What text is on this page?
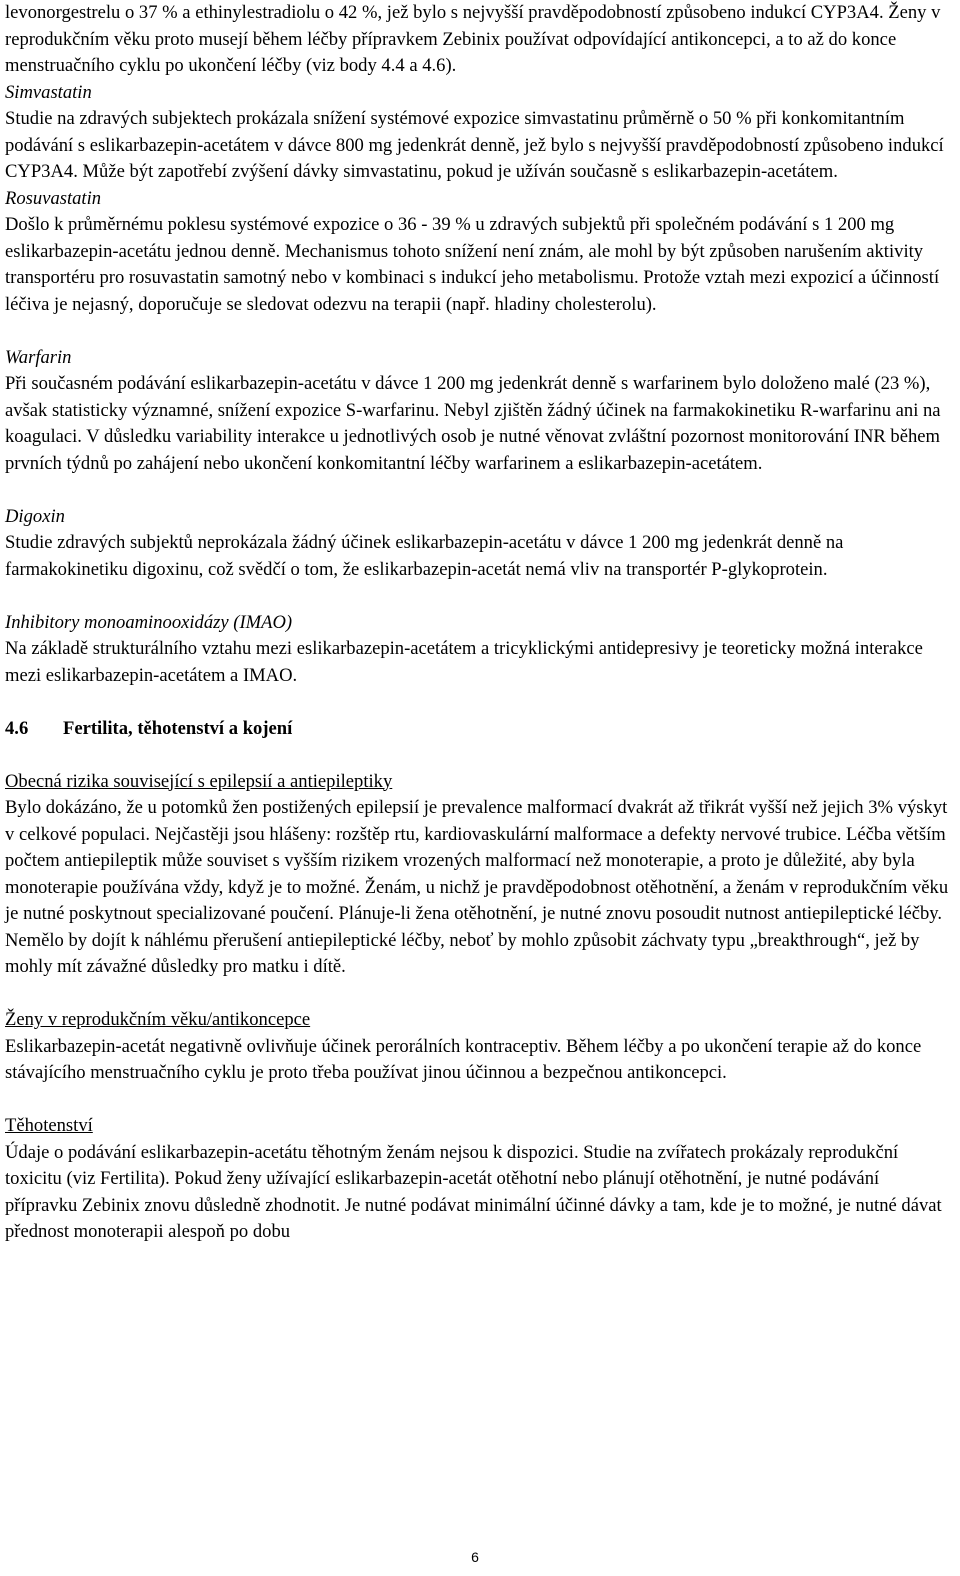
levonorgestrelu o 37 % a ethinylestradiolu o 42 %, jež bylo s nejvyšší pravděpodobností způsobeno indukcí CYP3A4. Ženy v reprodukčním věku proto musejí během léčby přípravkem Zebinix používat odpovídající antikoncepci, a to až do konce menstruačního cyklu po ukončení léčby (viz body 4.4 a 4.6).

Simvastatin

Studie na zdravých subjektech prokázala snížení systémové expozice simvastatinu průměrně o 50 % při konkomitantním podávání s eslikarbazepin-acetátem v dávce 800 mg jedenkrát denně, jež bylo s nejvyšší pravděpodobností způsobeno indukcí CYP3A4. Může být zapotřebí zvýšení dávky simvastatinu, pokud je užíván současně s eslikarbazepin-acetátem.

Rosuvastatin

Došlo k průměrnému poklesu systémové expozice o 36 - 39 % u zdravých subjektů při společném podávání s 1 200 mg eslikarbazepin-acetátu jednou denně. Mechanismus tohoto snížení není znám, ale mohl by být způsoben narušením aktivity transportéru pro rosuvastatin samotný nebo v kombinaci s indukcí jeho metabolismu. Protože vztah mezi expozicí a účinností léčiva je nejasný, doporučuje se sledovat odezvu na terapii (např. hladiny cholesterolu).

Warfarin

Při současném podávání eslikarbazepin-acetátu v dávce 1 200 mg jedenkrát denně s warfarinem bylo doloženo malé (23 %), avšak statisticky významné, snížení expozice S-warfarinu. Nebyl zjištěn žádný účinek na farmakokinetiku R-warfarinu ani na koagulaci. V důsledku variability interakce u jednotlivých osob je nutné věnovat zvláštní pozornost monitorování INR během prvních týdnů po zahájení nebo ukončení konkomitantní léčby warfarinem a eslikarbazepin-acetátem.

Digoxin

Studie zdravých subjektů neprokázala žádný účinek eslikarbazepin-acetátu v dávce 1 200 mg jedenkrát denně na farmakokinetiku digoxinu, což svědčí o tom, že eslikarbazepin-acetát nemá vliv na transportér P-glykoprotein.

Inhibitory monoaminooxidázy (IMAO)

Na základě strukturálního vztahu mezi eslikarbazepin-acetátem a tricyklickými antidepresivy je teoreticky možná interakce mezi eslikarbazepin-acetátem a IMAO.

4.6 Fertilita, těhotenství a kojení
Obecná rizika související s epilepsií a antiepileptiky

Bylo dokázáno, že u potomků žen postižených epilepsií je prevalence malformací dvakrát až třikrát vyšší než jejich 3% výskyt v celkové populaci. Nejčastěji jsou hlášeny: rozštěp rtu, kardiovaskulární malformace a defekty nervové trubice. Léčba větším počtem antiepileptik může souviset s vyšším rizikem vrozených malformací než monoterapie, a proto je důležité, aby byla monoterapie používána vždy, když je to možné. Ženám, u nichž je pravděpodobnost otěhotnění, a ženám v reprodukčním věku je nutné poskytnout specializované poučení. Plánuje-li žena otěhotnění, je nutné znovu posoudit nutnost antiepileptické léčby. Nemělo by dojít k náhlému přerušení antiepileptické léčby, neboť by mohlo způsobit záchvaty typu „breakthrough“, jež by mohly mít závažné důsledky pro matku i dítě.

Ženy v reprodukčním věku/antikoncepce

Eslikarbazepin-acetát negativně ovlivňuje účinek perorálních kontraceptiv. Během léčby a po ukončení terapie až do konce stávajícího menstruačního cyklu je proto třeba používat jinou účinnou a bezpečnou antikoncepci.

Těhotenství

Údaje o podávání eslikarbazepin-acetátu těhotným ženám nejsou k dispozici. Studie na zvířatech prokázaly reprodukční toxicitu (viz Fertilita). Pokud ženy užívající eslikarbazepin-acetát otěhotní nebo plánují otěhotnění, je nutné podávání přípravku Zebinix znovu důsledně zhodnotit. Je nutné podávat minimální účinné dávky a tam, kde je to možné, je nutné dávat přednost monoterapii alespoň po dobu

6
